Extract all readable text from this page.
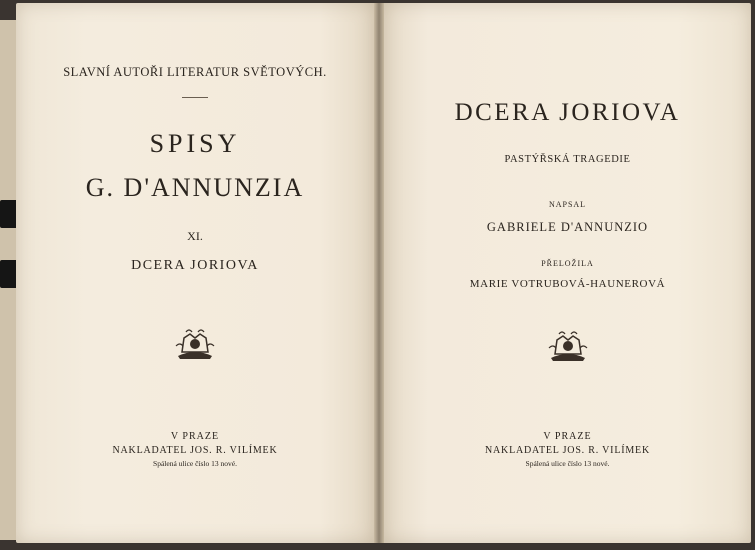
SLAVNÍ AUTOŘI LITERATUR SVĚTOVÝCH.
SPISY
G. D'ANNUNZIA
XI.
DCERA JORIOVA
V PRAZE
NAKLADATEL JOS. R. VILÍMEK
Spálená ulice číslo 13 nové.
DCERA JORIOVA
PASTÝŘSKÁ TRAGEDIE
NAPSAL
GABRIELE D'ANNUNZIO
PŘELOŽILA
MARIE VOTRUBOVÁ-HAUNEROVÁ
V PRAZE
NAKLADATEL JOS. R. VILÍMEK
Spálená ulice číslo 13 nové.
